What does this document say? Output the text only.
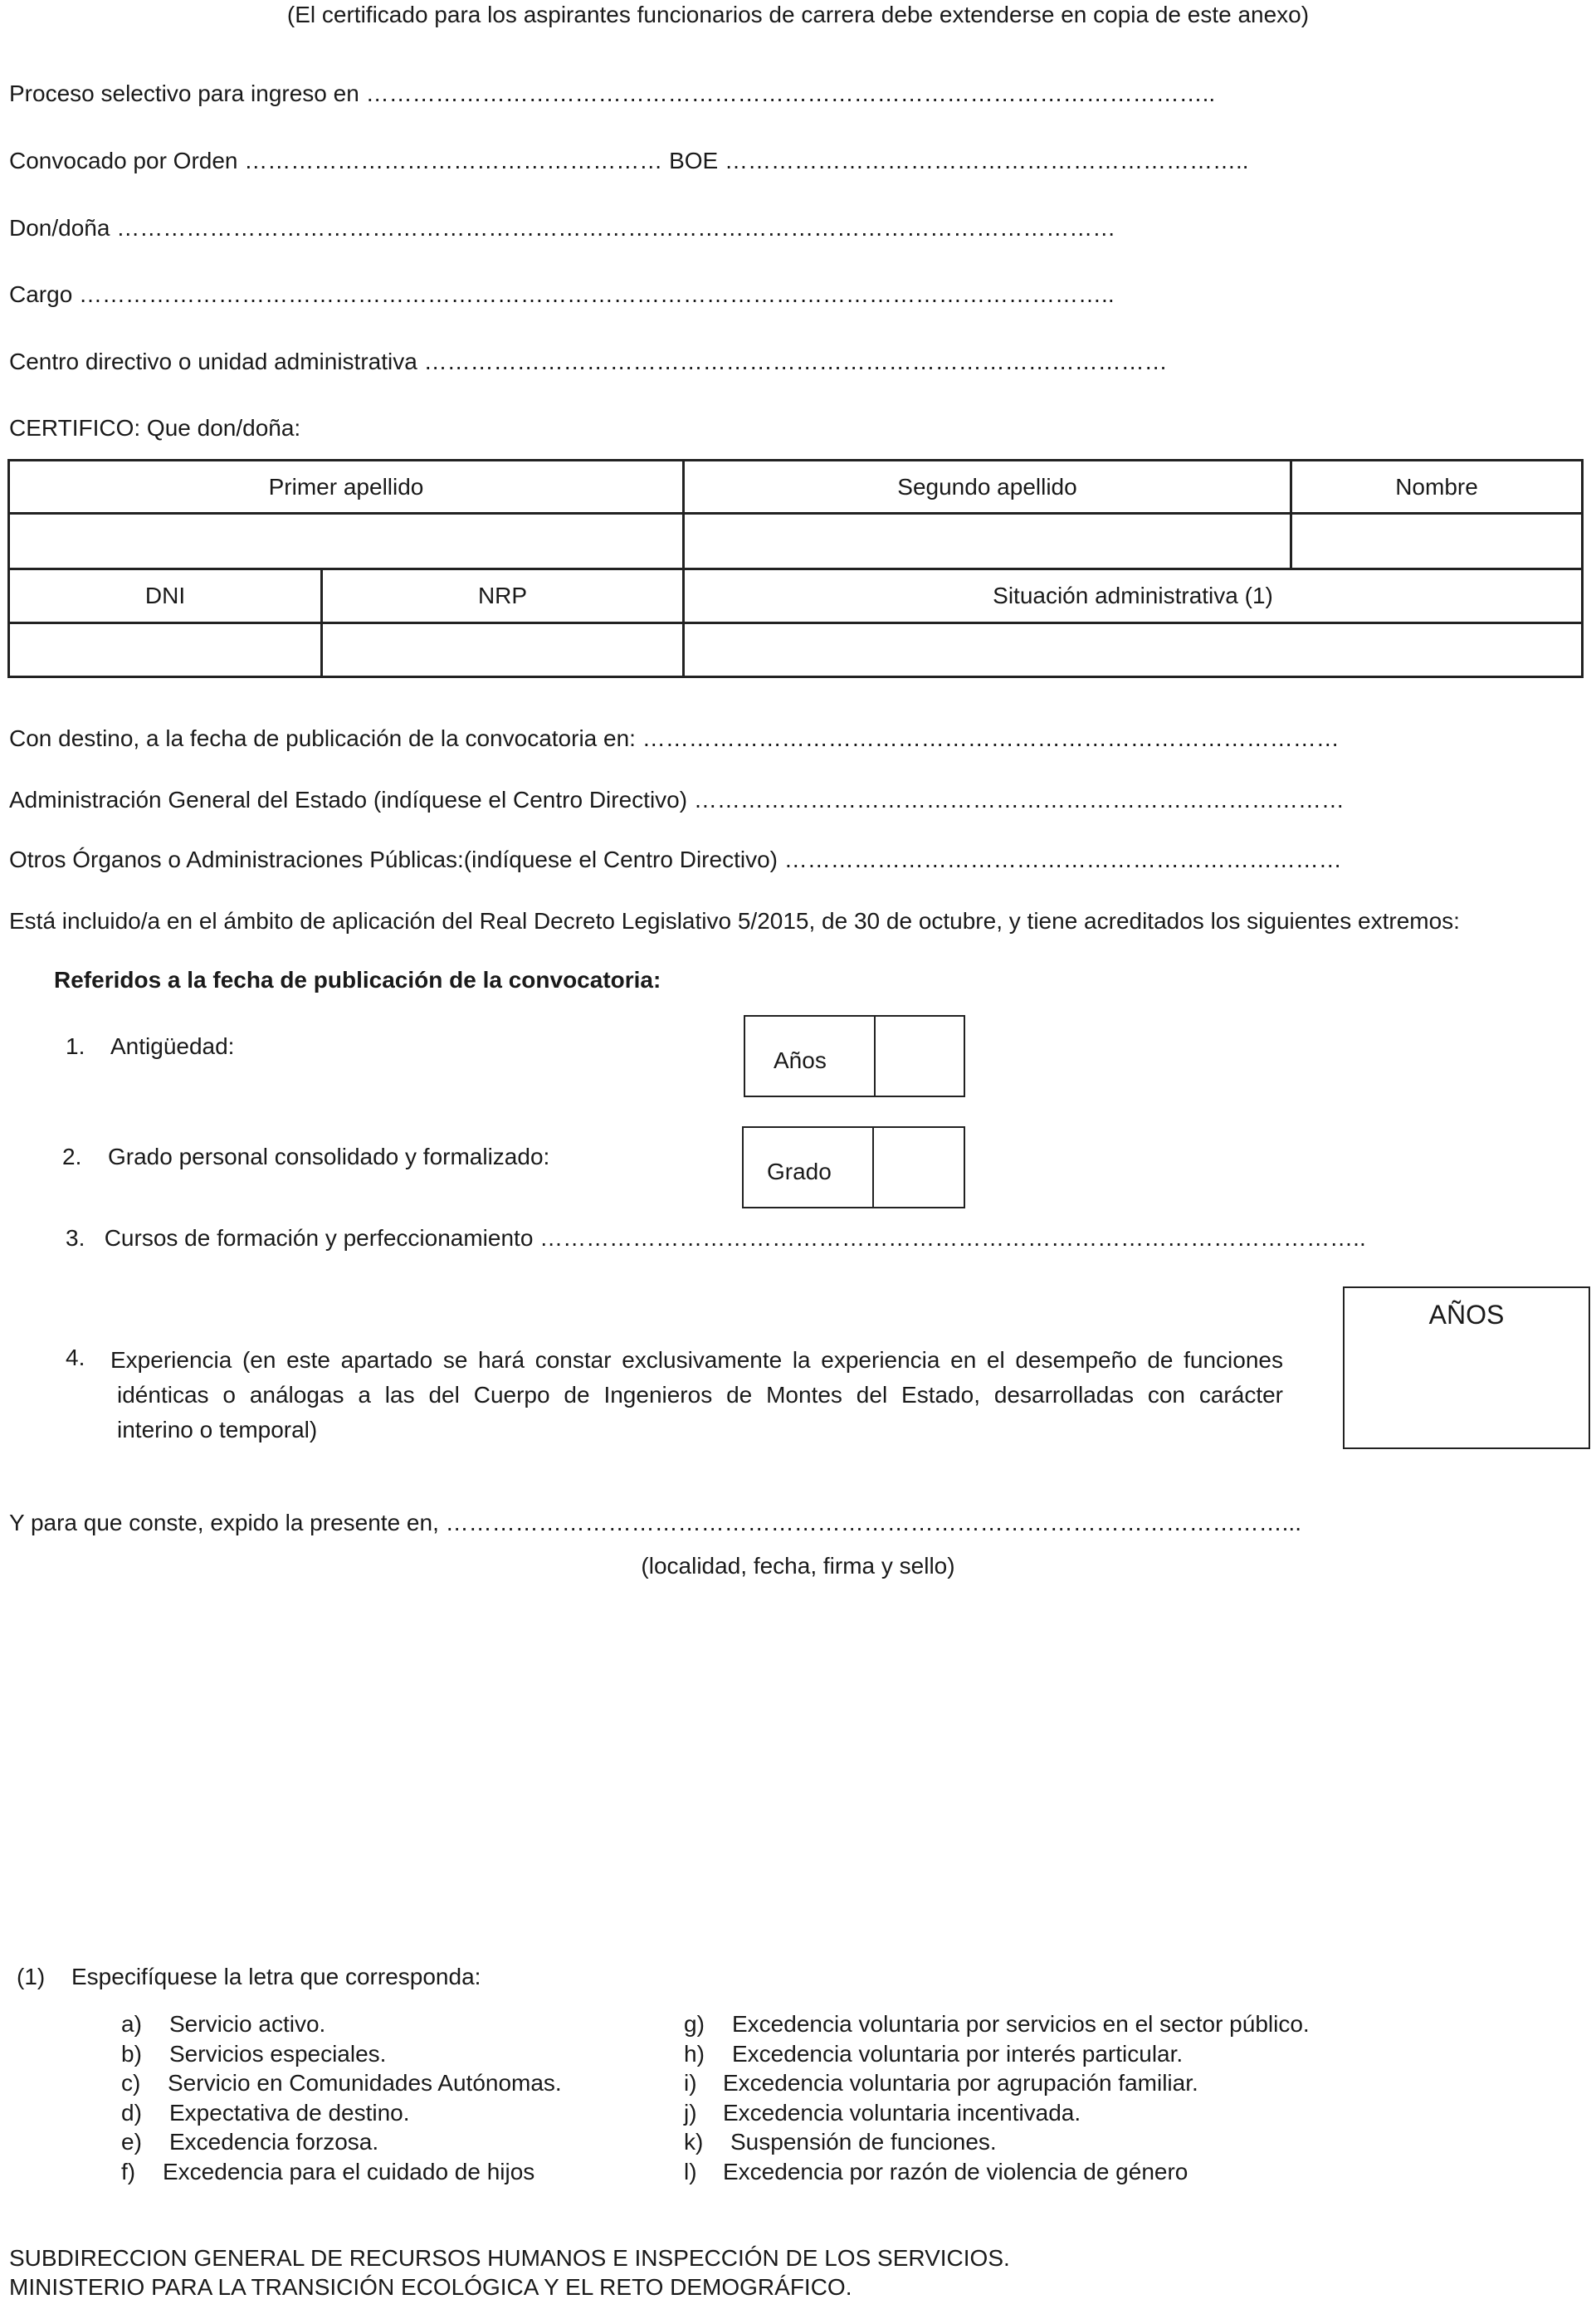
(El certificado para los aspirantes funcionarios de carrera debe extenderse en copia de este anexo)
Proceso selectivo para ingreso en ………………………………………………………………………………………………..
Convocado por Orden ……………………………………………… BOE …………………………………………………………..
Don/doña …………………………………………………………………………………………………………………
Cargo ……………………………………………………………………………………………………………………..
Centro directivo o unidad administrativa ……………………………………………………………………………………
CERTIFICO: Que don/doña:
Primer apellido	Segundo apellido	Nombre
DNI	NRP	Situación administrativa (1)
Con destino, a la fecha de publicación de la convocatoria en: ………………………………………………………………………………
Administración General del Estado (indíquese el Centro Directivo) …………………………………………………………………………
Otros Órganos o Administraciones Públicas:(indíquese el Centro Directivo) ………………………………………………………………
Está incluido/a en el ámbito de aplicación del Real Decreto Legislativo 5/2015, de 30 de octubre, y tiene acreditados los siguientes extremos:
Referidos a la fecha de publicación de la convocatoria:
1. Antigüedad:
Años
2. Grado personal consolidado y formalizado:
Grado
3. Cursos de formación y perfeccionamiento ……………………………………………………………………………………………..
4. Experiencia (en este apartado se hará constar exclusivamente la experiencia en el desempeño de funciones
idénticas o análogas a las del Cuerpo de Ingenieros de Montes del Estado, desarrolladas con carácter
interino o temporal)
AÑOS
Y para que conste, expido la presente en, ………………………………………………………………………………………………...
(localidad, fecha, firma y sello)
(1) Especifíquese la letra que corresponda:
a) Servicio activo.
b) Servicios especiales.
c) Servicio en Comunidades Autónomas.
d) Expectativa de destino.
e) Excedencia forzosa.
f) Excedencia para el cuidado de hijos
g) Excedencia voluntaria por servicios en el sector público.
h) Excedencia voluntaria por interés particular.
i) Excedencia voluntaria por agrupación familiar.
j) Excedencia voluntaria incentivada.
k) Suspensión de funciones.
l) Excedencia por razón de violencia de género
SUBDIRECCION GENERAL DE RECURSOS HUMANOS E INSPECCIÓN DE LOS SERVICIOS.
MINISTERIO PARA LA TRANSICIÓN ECOLÓGICA Y EL RETO DEMOGRÁFICO.
